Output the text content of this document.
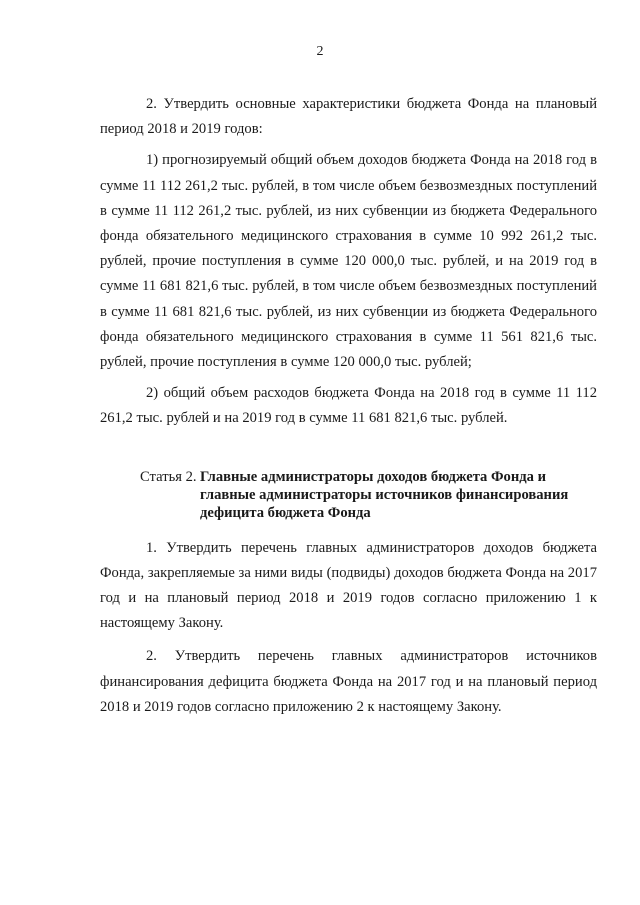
2

2. Утвердить основные характеристики бюджета Фонда на плановый период 2018 и 2019 годов:

1) прогнозируемый общий объем доходов бюджета Фонда на 2018 год в сумме 11 112 261,2 тыс. рублей, в том числе объем безвозмездных поступлений в сумме 11 112 261,2 тыс. рублей, из них субвенции из бюджета Федерального фонда обязательного медицинского страхования в сумме 10 992 261,2 тыс. рублей, прочие поступления в сумме 120 000,0 тыс. рублей, и на 2019 год в сумме 11 681 821,6 тыс. рублей, в том числе объем безвозмездных поступлений в сумме 11 681 821,6 тыс. рублей, из них субвенции из бюджета Федерального фонда обязательного медицинского страхования в сумме 11 561 821,6 тыс. рублей, прочие поступления в сумме 120 000,0 тыс. рублей;

2) общий объем расходов бюджета Фонда на 2018 год в сумме 11 112 261,2 тыс. рублей и на 2019 год в сумме 11 681 821,6 тыс. рублей.

Статья 2. Главные администраторы доходов бюджета Фонда и главные администраторы источников финансирования дефицита бюджета Фонда

1. Утвердить перечень главных администраторов доходов бюджета Фонда, закрепляемые за ними виды (подвиды) доходов бюджета Фонда на 2017 год и на плановый период 2018 и 2019 годов согласно приложению 1 к настоящему Закону.

2. Утвердить перечень главных администраторов источников финансирования дефицита бюджета Фонда на 2017 год и на плановый период 2018 и 2019 годов согласно приложению 2 к настоящему Закону.
